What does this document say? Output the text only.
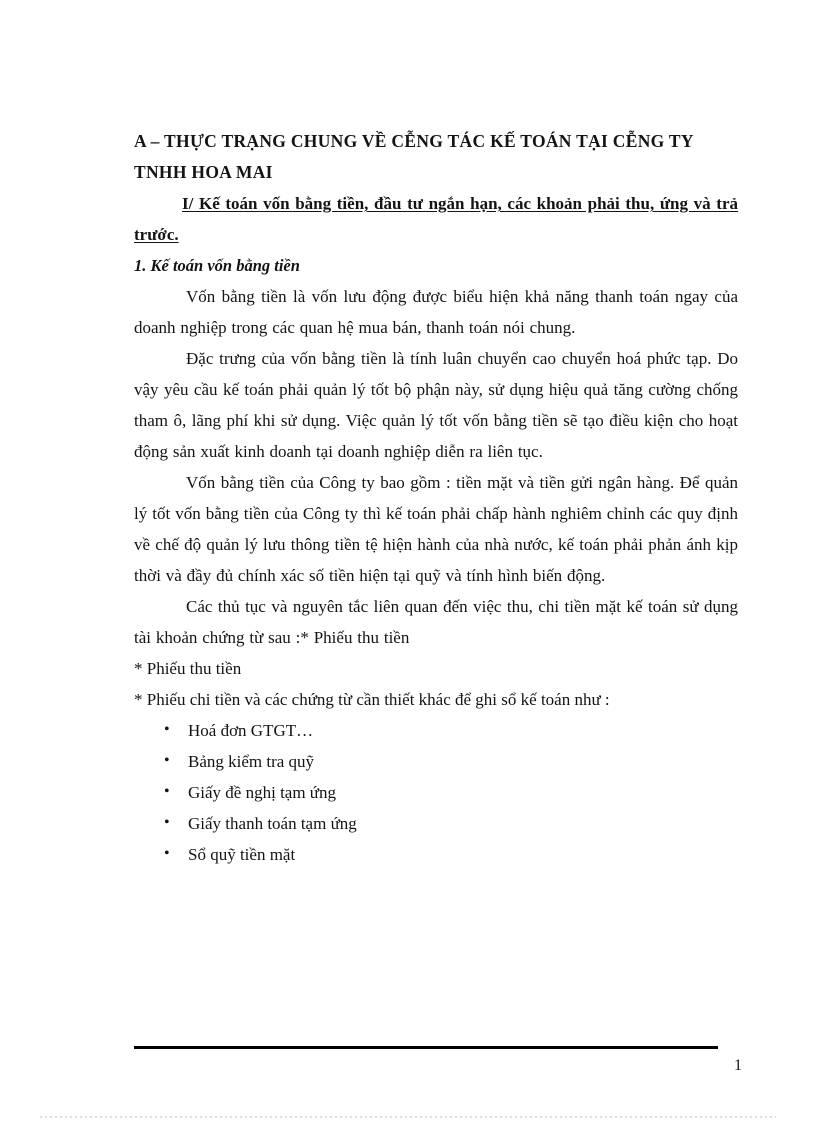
A – THỰC TRẠNG CHUNG VỀ CỄNG TÁC KẾ TOÁN TẠI CỄNG TY
TNHH HOA MAI

I/ Kế toán vốn bằng tiền, đầu tư ngắn hạn, các khoản phải thu, ứng và trả trước.

1. Kế toán vốn bằng tiền

Vốn bằng tiền là vốn lưu động được biểu hiện khả năng thanh toán ngay của doanh nghiệp trong các quan hệ mua bán, thanh toán nói chung.

Đặc trưng của vốn bằng tiền là tính luân chuyển cao chuyển hoá phức tạp. Do vậy yêu cầu kế toán phải quản lý tốt bộ phận này, sử dụng hiệu quả tăng cường chống tham ô, lãng phí khi sử dụng. Việc quản lý tốt vốn bằng tiền sẽ tạo điều kiện cho hoạt động sản xuất kinh doanh tại doanh nghiệp diễn ra liên tục.

Vốn bằng tiền của Công ty bao gồm : tiền mặt và tiền gửi ngân hàng. Để quản lý tốt vốn bằng tiền của Công ty thì kế toán phải chấp hành nghiêm chỉnh các quy định về chế độ quản lý lưu thông tiền tệ hiện hành của nhà nước, kế toán phải phản ánh kịp thời và đầy đủ chính xác số tiền hiện tại quỹ và tính hình biến động.

Các thủ tục và nguyên tắc liên quan đến việc thu, chi tiền mặt kế toán sử dụng tài khoản chứng từ sau :* Phiếu thu tiền

* Phiếu thu tiền

* Phiếu chi tiền và các chứng từ cần thiết khác để ghi sổ kế toán như :

• Hoá đơn GTGT…
• Bảng kiểm tra quỹ
• Giấy đề nghị tạm ứng
• Giấy thanh toán tạm ứng
• Sổ quỹ tiền mặt
1
